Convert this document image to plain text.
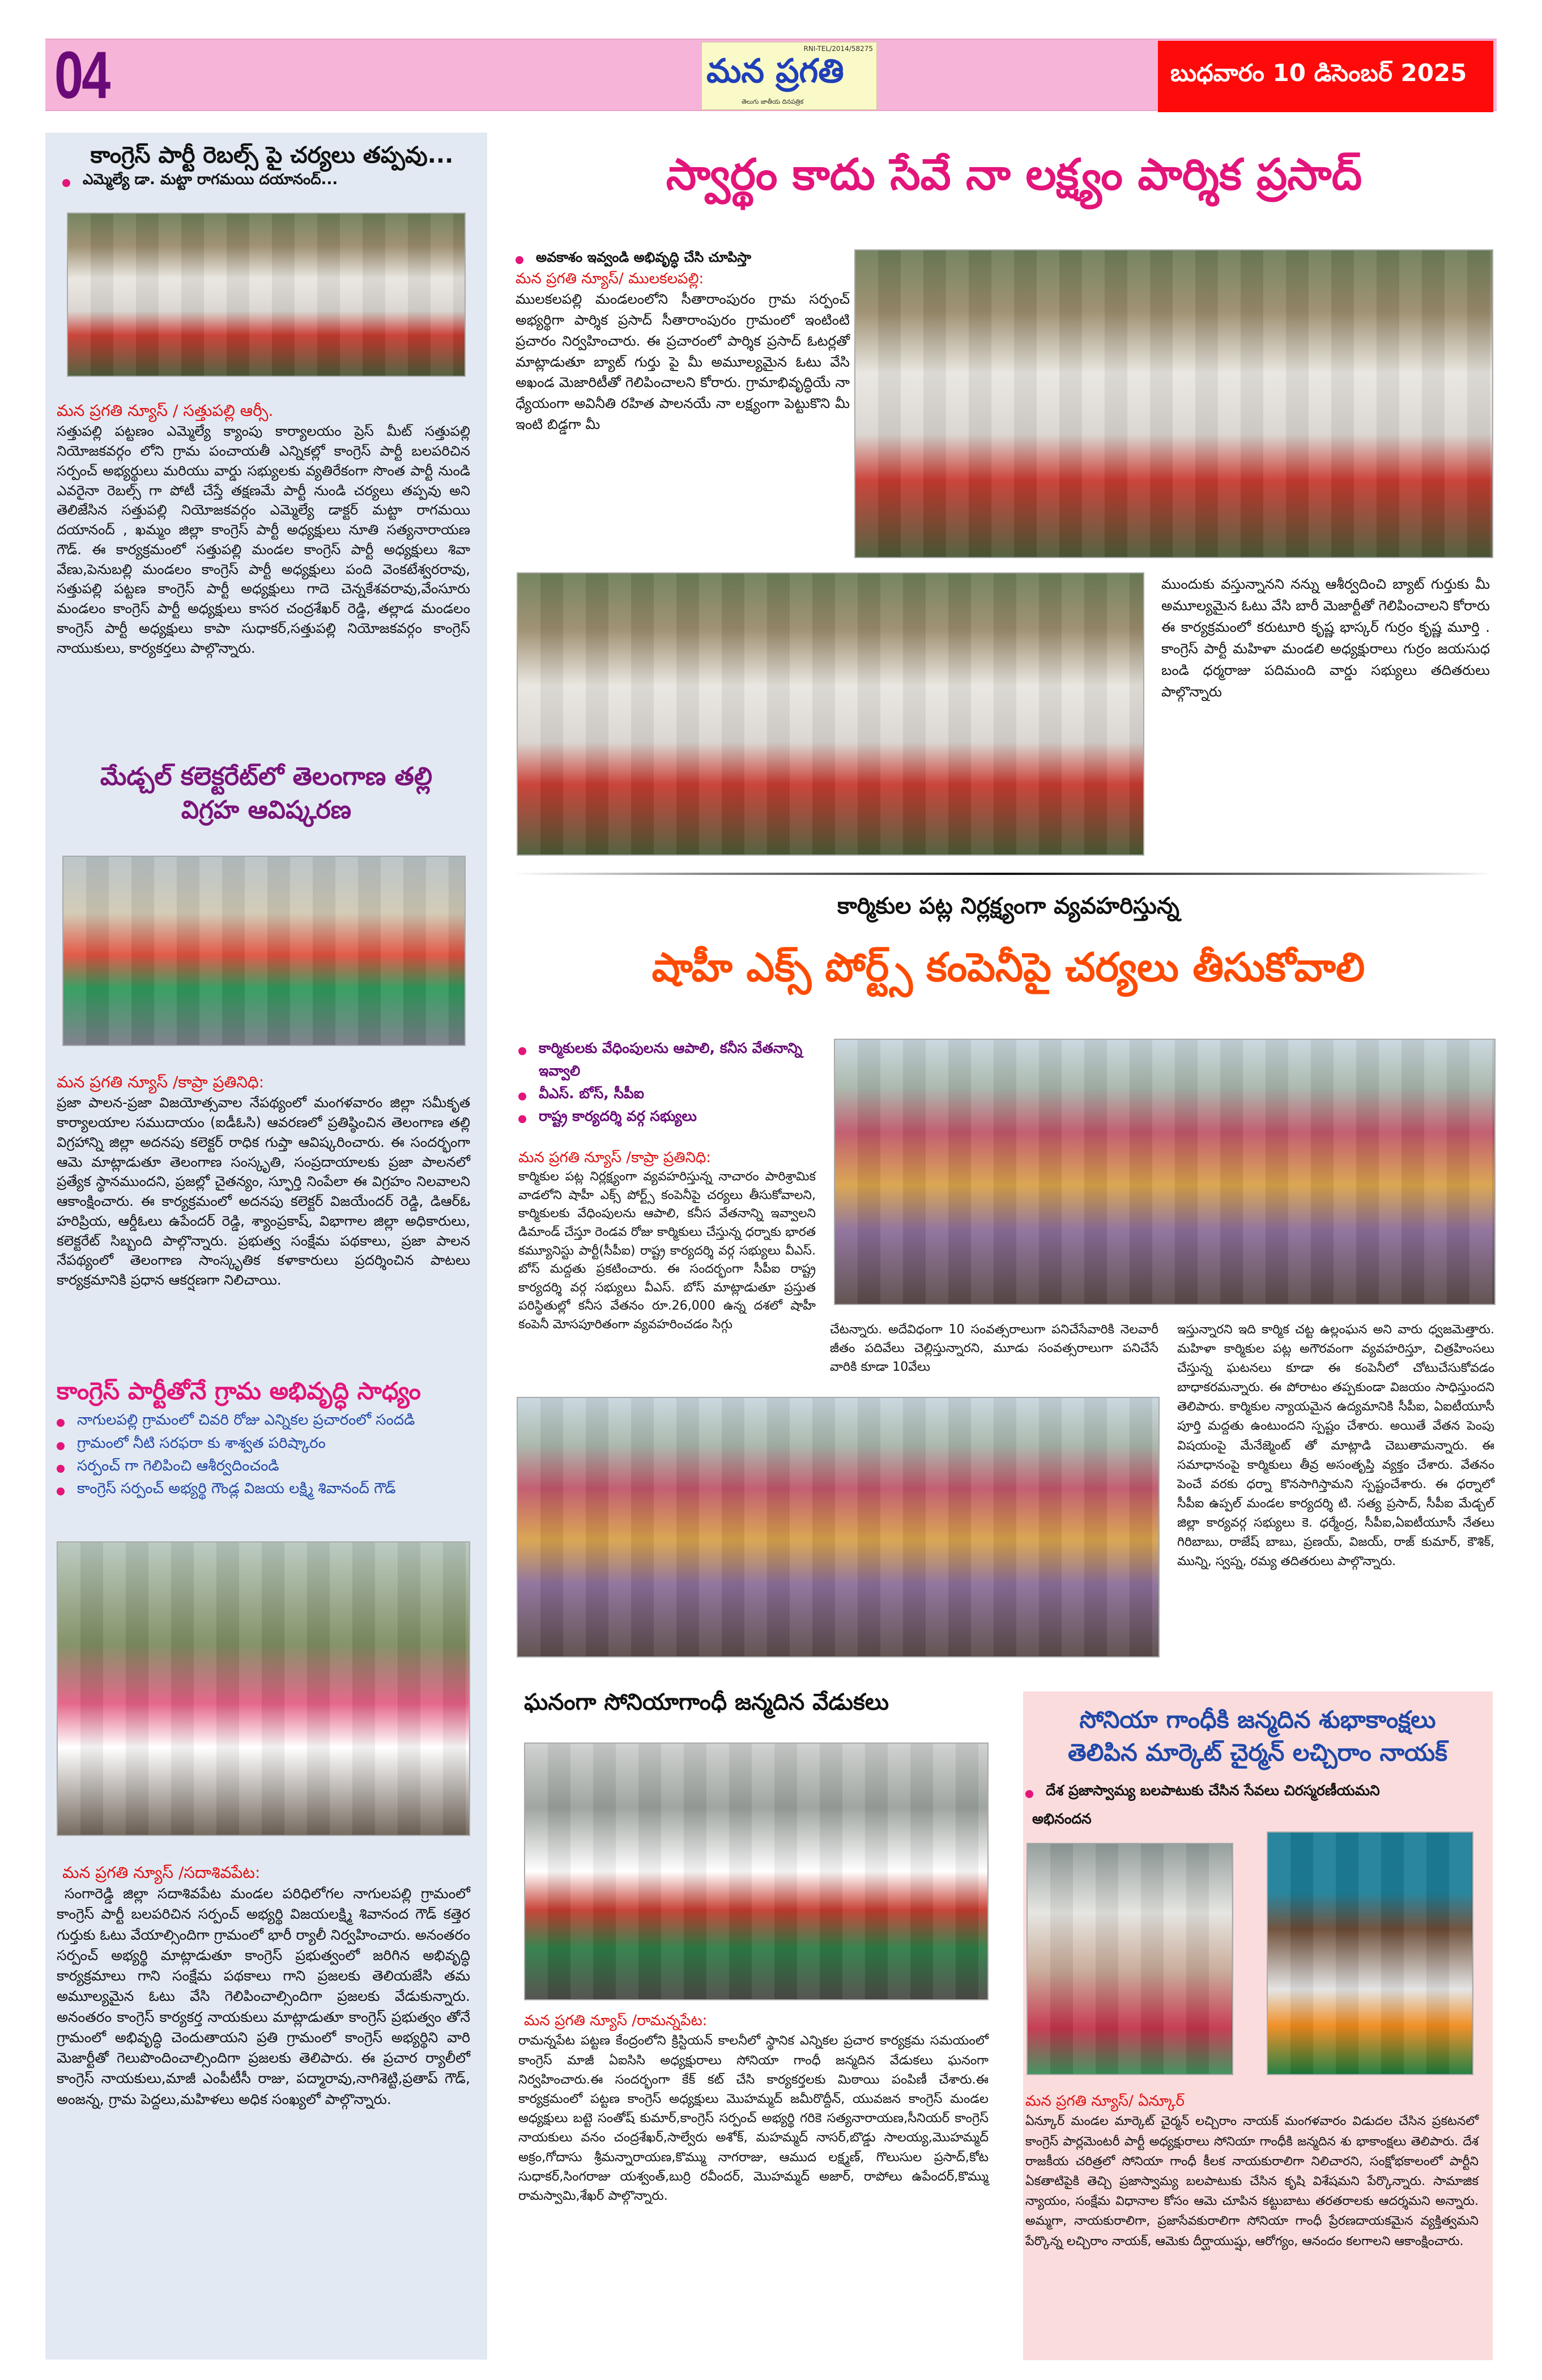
04	RNI-TEL/2014/58275
మన ప్రగతి
తెలుగు జాతీయ దినపత్రిక
బుధవారం 10 డిసెంబర్ 2025
కాంగ్రెస్ పార్టీ రెబల్స్ పై చర్యలు తప్పవు...
ఎమ్మెల్యే డా. మట్టా రాగమయి దయానంద్...
మన ప్రగతి న్యూస్ / సత్తుపల్లి ఆర్సీ.
సత్తుపల్లి పట్టణం ఎమ్మెల్యే క్యాంపు కార్యాలయం ప్రెస్ మీట్ సత్తుపల్లి నియోజకవర్గం లోని గ్రామ పంచాయతీ ఎన్నికల్లో కాంగ్రెస్ పార్టీ బలపరిచిన సర్పంచ్ అభ్యర్థులు మరియు వార్డు సభ్యులకు వ్యతిరేకంగా సొంత పార్టీ నుండి ఎవరైనా రెబల్స్ గా పోటీ చేస్తే తక్షణమే పార్టీ నుండి చర్యలు తప్పవు అని తెలిజేసిన సత్తుపల్లి నియోజకవర్గం ఎమ్మెల్యే డాక్టర్ మట్టా రాగమయి దయానంద్ , ఖమ్మం జిల్లా కాంగ్రెస్ పార్టీ అధ్యక్షులు నూతి సత్యనారాయణ గౌడ్. ఈ కార్యక్రమంలో సత్తుపల్లి మండల కాంగ్రెస్ పార్టీ అధ్యక్షులు శివా వేణు,పెనుబల్లి మండలం కాంగ్రెస్ పార్టీ అధ్యక్షులు పంది వెంకటేశ్వరరావు, సత్తుపల్లి పట్టణ కాంగ్రెస్ పార్టీ అధ్యక్షులు గాదె చెన్నకేశవరావు,వేంసూరు మండలం కాంగ్రెస్ పార్టీ అధ్యక్షులు కాసర చంద్రశేఖర్ రెడ్డి, తల్లాడ మండలం కాంగ్రెస్ పార్టీ అధ్యక్షులు కాపా సుధాకర్,సత్తుపల్లి నియోజకవర్గం కాంగ్రెస్ నాయుకులు, కార్యకర్తలు పాల్గొన్నారు.
మేడ్చల్ కలెక్టరేట్‌లో తెలంగాణ తల్లి
విగ్రహ ఆవిష్కరణ
మన ప్రగతి న్యూస్ /కాప్రా ప్రతినిధి:
ప్రజా పాలన-ప్రజా విజయోత్సవాల నేపథ్యంలో మంగళవారం జిల్లా సమీకృత కార్యాలయాల సముదాయం (ఐడీఓసి) ఆవరణలో ప్రతిష్ఠించిన తెలంగాణ తల్లి విగ్రహాన్ని జిల్లా అదనపు కలెక్టర్ రాధిక గుప్తా ఆవిష్కరించారు. ఈ సందర్భంగా ఆమె మాట్లాడుతూ తెలంగాణ సంస్కృతి, సంప్రదాయాలకు ప్రజా పాలనలో ప్రత్యేక స్థానముందని, ప్రజల్లో చైతన్యం, స్ఫూర్తి నింపేలా ఈ విగ్రహం నిలవాలని ఆకాంక్షించారు. ఈ కార్యక్రమంలో అదనపు కలెక్టర్ విజయేందర్ రెడ్డి, డిఆర్ఓ హరిప్రియ, ఆర్డీఓలు ఉపేందర్ రెడ్డి, శ్యాంప్రకాష్, విభాగాల జిల్లా అధికారులు, కలెక్టరేట్ సిబ్బంది పాల్గొన్నారు. ప్రభుత్వ సంక్షేమ పథకాలు, ప్రజా పాలన నేపథ్యంలో తెలంగాణ సాంస్కృతిక కళాకారులు ప్రదర్శించిన పాటలు కార్యక్రమానికి ప్రధాన ఆకర్షణగా నిలిచాయి.
కాంగ్రెస్ పార్టీతోనే గ్రామ అభివృద్ధి సాధ్యం
నాగులపల్లి గ్రామంలో చివరి రోజు ఎన్నికల ప్రచారంలో సందడి
గ్రామంలో నీటి సరఫరా కు శాశ్వత పరిష్కారం
సర్పంచ్ గా గెలిపించి ఆశీర్వదించండి
కాంగ్రెస్ సర్పంచ్ అభ్యర్థి గౌండ్ల విజయ లక్ష్మి శివానంద్ గౌడ్
మన ప్రగతి న్యూస్ /సదాశివపేట:
సంగారెడ్డి జిల్లా సదాశివపేట మండల పరిధిలోగల నాగులపల్లి గ్రామంలో కాంగ్రెస్ పార్టీ బలపరిచిన సర్పంచ్ అభ్యర్థి విజయలక్ష్మి శివానంద గౌడ్ కత్తెర గుర్తుకు ఓటు వేయాల్సిందిగా గ్రామంలో భారీ ర్యాలీ నిర్వహించారు. అనంతరం సర్పంచ్ అభ్యర్థి మాట్లాడుతూ కాంగ్రెస్ ప్రభుత్వంలో జరిగిన అభివృద్ధి కార్యక్రమాలు గాని సంక్షేమ పథకాలు గాని ప్రజలకు తెలియజేసి తమ అమూల్యమైన ఓటు వేసి గెలిపించాల్సిందిగా ప్రజలకు వేడుకున్నారు. అనంతరం కాంగ్రెస్ కార్యకర్త నాయకులు మాట్లాడుతూ కాంగ్రెస్ ప్రభుత్వం తోనే గ్రామంలో అభివృద్ధి చెందుతాయని ప్రతి గ్రామంలో కాంగ్రెస్ అభ్యర్థిని వారి మెజార్టీతో గెలుపొందించాల్సిందిగా ప్రజలకు తెలిపారు. ఈ ప్రచార ర్యాలీలో కాంగ్రెస్ నాయకులు,మాజీ ఎంపీటీసీ రాజు, పద్మారావు,నాగిశెట్టి,ప్రతాప్ గౌడ్, అంజన్న, గ్రామ పెద్దలు,మహిళలు అధిక సంఖ్యలో పాల్గొన్నారు.
స్వార్థం కాదు సేవే నా లక్ష్యం పార్శిక ప్రసాద్
అవకాశం ఇవ్వండి అభివృద్ధి చేసి చూపిస్తా
మన ప్రగతి న్యూస్/ ములకలపల్లి:
ములకలపల్లి మండలంలోని సీతారాంపురం గ్రామ సర్పంచ్ అభ్యర్థిగా పార్శిక ప్రసాద్ సీతారాంపురం గ్రామంలో ఇంటింటి ప్రచారం నిర్వహించారు. ఈ ప్రచారంలో పార్శిక ప్రసాద్ ఓటర్లతో మాట్లాడుతూ బ్యాట్ గుర్తు పై మీ అమూల్యమైన ఓటు వేసి అఖండ మెజారిటీతో గెలిపించాలని కోరారు. గ్రామాభివృద్ధియే నా ధ్యేయంగా అవినీతి రహిత పాలనయే నా లక్ష్యంగా పెట్టుకొని మీ ఇంటి బిడ్డగా మీ
ముందుకు వస్తున్నానని నన్ను ఆశీర్వదించి బ్యాట్ గుర్తుకు మీ అమూల్యమైన ఓటు వేసి బారీ మెజార్టీతో గెలిపించాలని కోరారు ఈ కార్యక్రమంలో కరుటూరి కృష్ణ భాస్కర్ గుర్రం కృష్ణ మూర్తి . కాంగ్రెస్ పార్టీ మహిళా మండలి అధ్యక్షురాలు గుర్రం జయసుధ బండి ధర్మరాజు పదిమంది వార్డు సభ్యులు తదితరులు పాల్గొన్నారు
కార్మికుల పట్ల నిర్లక్ష్యంగా వ్యవహరిస్తున్న
షాహీ ఎక్స్ పోర్ట్స్ కంపెనీపై చర్యలు తీసుకోవాలి
కార్మికులకు వేధింపులను ఆపాలి, కనీస వేతనాన్ని ఇవ్వాలి
వీఎస్. బోస్, సీపీఐ
రాష్ట్ర కార్యదర్శి వర్గ సభ్యులు
మన ప్రగతి న్యూస్ /కాప్రా ప్రతినిధి:
కార్మికుల పట్ల నిర్లక్ష్యంగా వ్యవహరిస్తున్న నాచారం పారిశ్రామిక వాడలోని షాహీ ఎక్స్ పోర్ట్స్ కంపెనీపై చర్యలు తీసుకోవాలని, కార్మికులకు వేధింపులను ఆపాలి, కనీస వేతనాన్ని ఇవ్వాలని డిమాండ్ చేస్తూ రెండవ రోజు కార్మికులు చేస్తున్న ధర్నాకు భారత కమ్యూనిస్టు పార్టీ(సీపీఐ) రాష్ట్ర కార్యదర్శి వర్గ సభ్యులు వీఎస్. బోస్ మద్దతు ప్రకటించారు. ఈ సందర్భంగా సీపీఐ రాష్ట్ర కార్యదర్శి వర్గ సభ్యులు వీఎస్. బోస్ మాట్లాడుతూ ప్రస్తుత పరిస్థితుల్లో కనీస వేతనం రూ.26,000 ఉన్న దశలో షాహీ కంపెనీ మోసపూరితంగా వ్యవహరించడం సిగ్గు	చేటన్నారు. అదేవిధంగా 10 సంవత్సరాలుగా పనిచేసేవారికి నెలవారీ జీతం పదివేలు చెల్లిస్తున్నారని, మూడు సంవత్సరాలుగా పనిచేసే వారికి కూడా 10వేలు
ఇస్తున్నారని ఇది కార్మిక చట్ట ఉల్లంఘన అని వారు ధ్వజమెత్తారు. మహిళా కార్మికుల పట్ల అగౌరవంగా వ్యవహరిస్తూ, చిత్రహింసలు చేస్తున్న ఘటనలు కూడా ఈ కంపెనీలో చోటుచేసుకోవడం బాధాకరమన్నారు. ఈ పోరాటం తప్పకుండా విజయం సాధిస్తుందని తెలిపారు. కార్మికుల న్యాయమైన ఉద్యమానికి సీపీఐ, ఏఐటీయూసీ పూర్తి మద్దతు ఉంటుందని స్పష్టం చేశారు. అయితే వేతన పెంపు విషయంపై మేనేజ్మెంట్ తో మాట్లాడి చెబుతామన్నారు. ఈ సమాధానంపై కార్మికులు తీవ్ర అసంతృప్తి వ్యక్తం చేశారు. వేతనం పెంచే వరకు ధర్నా కొనసాగిస్తామని స్పష్టంచేశారు. ఈ ధర్నాలో సీపీఐ ఉప్పల్ మండల కార్యదర్శి టి. సత్య ప్రసాద్, సీపీఐ మేడ్చల్ జిల్లా కార్యవర్గ సభ్యులు కె. ధర్మేంద్ర, సీపీఐ,ఏఐటీయూసీ నేతలు గిరిబాబు, రాజేష్ బాబు, ప్రణయ్, విజయ్, రాజ్ కుమార్, కౌశిక్, మున్ని, స్వప్న, రమ్య తదితరులు పాల్గొన్నారు.
ఘనంగా సోనియాగాంధీ జన్మదిన వేడుకలు
మన ప్రగతి న్యూస్ /రామన్నపేట:
రామన్నపేట పట్టణ కేంద్రంలోని క్రిస్టియన్ కాలనీలో స్థానిక ఎన్నికల ప్రచార కార్యక్రమ సమయంలో కాంగ్రెస్ మాజీ ఏఐసిసి అధ్యక్షురాలు సోనియా గాంధీ జన్మదిన వేడుకలు ఘనంగా నిర్వహించారు.ఈ సందర్భంగా కేక్ కట్ చేసి కార్యకర్తలకు మిఠాయి పంపిణీ చేశారు.ఈ కార్యక్రమంలో పట్టణ కాంగ్రెస్ అధ్యక్షులు మొహమ్మద్ జమీరొద్దీన్, యువజన కాంగ్రెస్ మండల అధ్యక్షులు బట్టె సంతోష్ కుమార్,కాంగ్రెస్ సర్పంచ్ అభ్యర్థి గరికె సత్యనారాయణ,సీనియర్ కాంగ్రెస్ నాయకులు వనం చంద్రశేఖర్,సాల్వేరు అశోక్, మహమ్మద్ నాసర్,బొడ్డు సాలయ్య,మొహమ్మద్ అక్రం,గోదాసు శ్రీమన్నారాయణ,కొమ్ము నాగరాజు, ఆముద లక్ష్మణ్, గొలుసుల ప్రసాద్,కోట సుధాకర్,సింగరాజు యశ్వంత్,బుర్రి రవీందర్, మొహమ్మద్ అజార్, రాపోలు ఉపేందర్,కొమ్ము రామస్వామి,శేఖర్ పాల్గొన్నారు.
సోనియా గాంధీకి జన్మదిన శుభాకాంక్షలు
తెలిపిన మార్కెట్ చైర్మన్ లచ్చిరాం నాయక్
దేశ ప్రజాస్వామ్య బలపాటుకు చేసిన సేవలు చిరస్మరణీయమని
అభినందన
మన ప్రగతి న్యూస్/ ఏన్కూర్
ఏన్కూర్ మండల మార్కెట్ చైర్మన్ లచ్చిరాం నాయక్ మంగళవారం విడుదల చేసిన ప్రకటనలో కాంగ్రెస్ పార్లమెంటరీ పార్టీ అధ్యక్షురాలు సోనియా గాంధీకి జన్మదిన శు భాకాంక్షలు తెలిపారు. దేశ రాజకీయ చరిత్రలో సోనియా గాంధీ కీలక నాయకురాలిగా నిలిచారని, సంక్షోభకాలంలో పార్టీని ఏకతాటిపైకి తెచ్చి ప్రజాస్వామ్య బలపాటుకు చేసిన కృషి విశేషమని పేర్కొన్నారు. సామాజిక న్యాయం, సంక్షేమ విధానాల కోసం ఆమె చూపిన కట్టుబాటు తరతరాలకు ఆదర్శమని అన్నారు. అమ్మగా, నాయకురాలిగా, ప్రజాసేవకురాలిగా సోనియా గాంధీ ప్రేరణదాయకమైన వ్యక్తిత్వమని పేర్కొన్న లచ్చిరాం నాయక్, ఆమెకు దీర్ఘాయుష్షు, ఆరోగ్యం, ఆనందం కలగాలని ఆకాంక్షించారు.
